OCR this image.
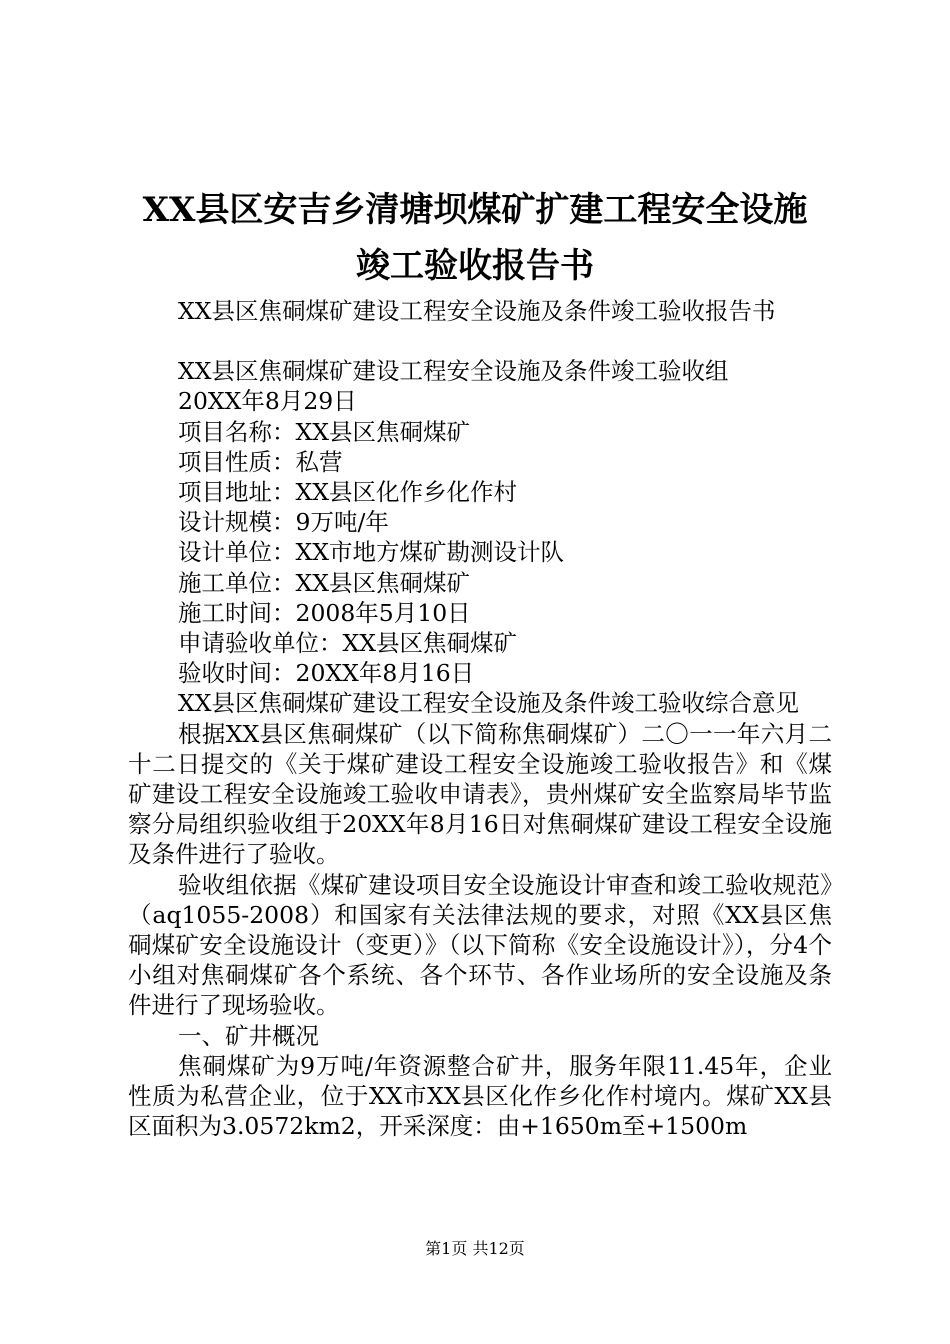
XX县区安吉乡清塘坝煤矿扩建工程安全设施
竣工验收报告书
XX县区焦硐煤矿建设工程安全设施及条件竣工验收报告书
XX县区焦硐煤矿建设工程安全设施及条件竣工验收组
20XX年8月29日
项目名称：XX县区焦硐煤矿
项目性质：私营
项目地址：XX县区化作乡化作村
设计规模：9万吨/年
设计单位：XX市地方煤矿勘测设计队
施工单位：XX县区焦硐煤矿
施工时间：2008年5月10日
申请验收单位：XX县区焦硐煤矿
验收时间：20XX年8月16日
XX县区焦硐煤矿建设工程安全设施及条件竣工验收综合意见
根据XX县区焦硐煤矿（以下简称焦硐煤矿）二〇一一年六月二十二日提交的《关于煤矿建设工程安全设施竣工验收报告》和《煤矿建设工程安全设施竣工验收申请表》，贵州煤矿安全监察局毕节监察分局组织验收组于20XX年8月16日对焦硐煤矿建设工程安全设施及条件进行了验收。
验收组依据《煤矿建设项目安全设施设计审查和竣工验收规范》（aq1055-2008）和国家有关法律法规的要求，对照《XX县区焦硐煤矿安全设施设计（变更）》（以下简称《安全设施设计》），分4个小组对焦硐煤矿各个系统、各个环节、各作业场所的安全设施及条件进行了现场验收。
一、矿井概况
焦硐煤矿为9万吨/年资源整合矿井，服务年限11.45年，企业性质为私营企业，位于XX市XX县区化作乡化作村境内。煤矿XX县区面积为3.0572km2，开采深度：由+1650m至+1500m
第1页 共12页
